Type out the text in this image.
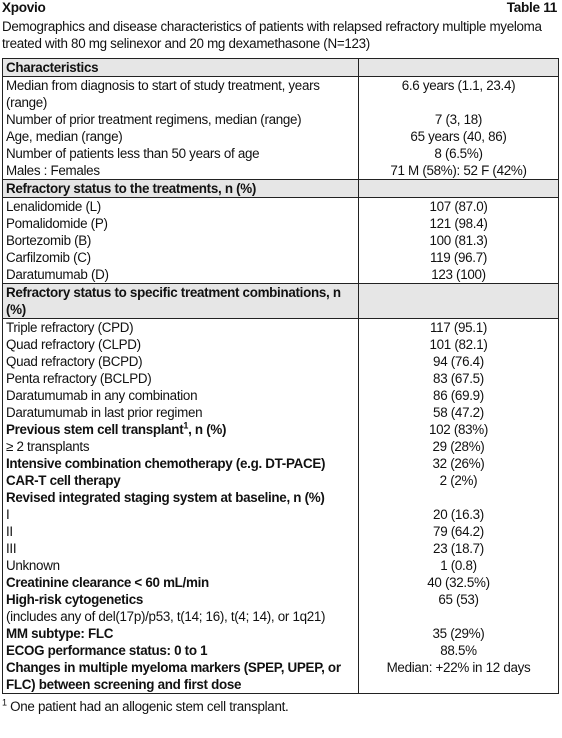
Xpovio	Table 11
Demographics and disease characteristics of patients with relapsed refractory multiple myeloma treated with 80 mg selinexor and 20 mg dexamethasone (N=123)
Characteristics	
Median from diagnosis to start of study treatment, years (range)	6.6 years (1.1, 23.4)
Number of prior treatment regimens, median (range)	7 (3, 18)
Age, median (range)	65 years (40, 86)
Number of patients less than 50 years of age	8 (6.5%)
Males : Females	71 M (58%): 52 F (42%)
Refractory status to the treatments, n (%)	
Lenalidomide (L)	107 (87.0)
Pomalidomide (P)	121 (98.4)
Bortezomib (B)	100 (81.3)
Carfilzomib (C)	119 (96.7)
Daratumumab (D)	123 (100)
Refractory status to specific treatment combinations, n (%)	
Triple refractory (CPD)	117 (95.1)
Quad refractory (CLPD)	101 (82.1)
Quad refractory (BCPD)	94 (76.4)
Penta refractory (BCLPD)	83 (67.5)
Daratumumab in any combination	86 (69.9)
Daratumumab in last prior regimen	58 (47.2)
Previous stem cell transplant$^1$, n (%)	102 (83%)
≥ 2 transplants	29 (28%)
Intensive combination chemotherapy (e.g. DT-PACE)	32 (26%)
CAR-T cell therapy	2 (2%)
Revised integrated staging system at baseline, n (%)	
I	20 (16.3)
II	79 (64.2)
III	23 (18.7)
Unknown	1 (0.8)
Creatinine clearance < 60 mL/min	40 (32.5%)
High-risk cytogenetics	65 (53)
(includes any of del(17p)/p53, t(14; 16), t(4; 14), or 1q21)	
MM subtype: FLC	35 (29%)
ECOG performance status: 0 to 1	88.5%
Changes in multiple myeloma markers (SPEP, UPEP, or FLC) between screening and first dose	Median: +22% in 12 days
$^1$ One patient had an allogenic stem cell transplant.
